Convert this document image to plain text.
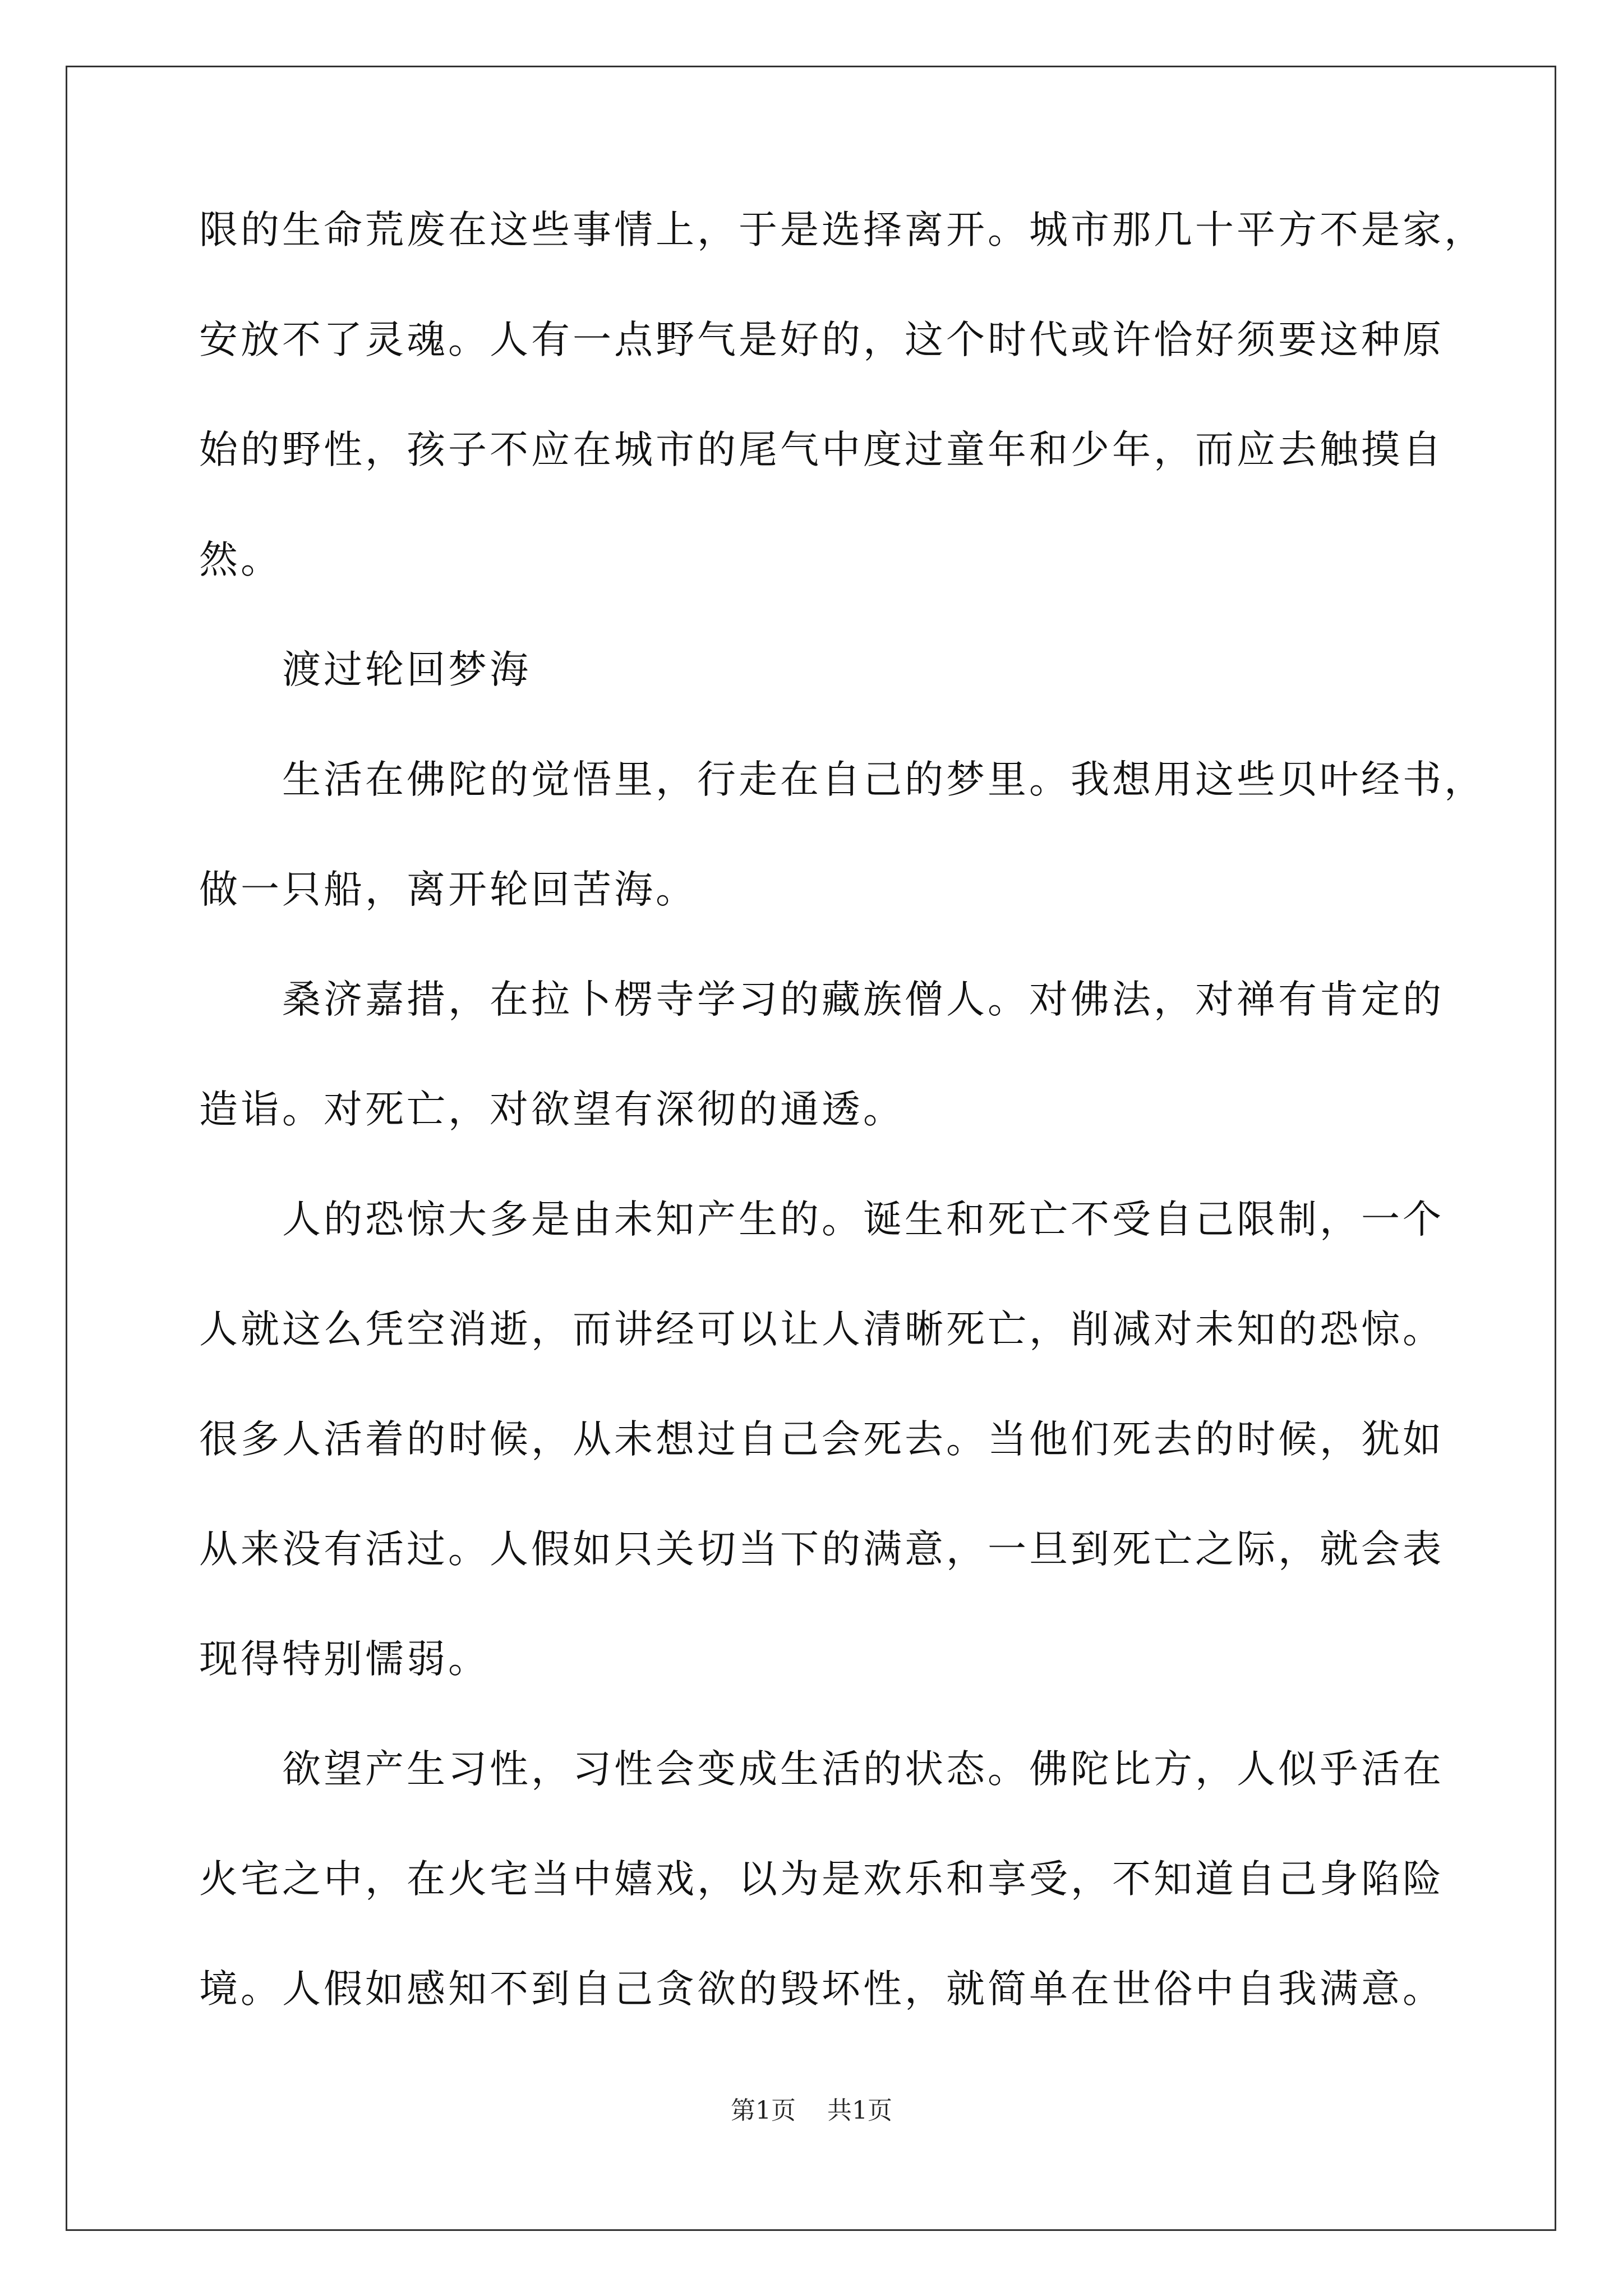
限的生命荒废在这些事情上，于是选择离开。城市那几十平方不是家，
安放不了灵魂。人有一点野气是好的，这个时代或许恰好须要这种原
始的野性，孩子不应在城市的尾气中度过童年和少年，而应去触摸自
然。
渡过轮回梦海
生活在佛陀的觉悟里，行走在自己的梦里。我想用这些贝叶经书，
做一只船，离开轮回苦海。
桑济嘉措，在拉卜楞寺学习的藏族僧人。对佛法，对禅有肯定的
造诣。对死亡，对欲望有深彻的通透。
人的恐惊大多是由未知产生的。诞生和死亡不受自己限制，一个
人就这么凭空消逝，而讲经可以让人清晰死亡，削减对未知的恐惊。
很多人活着的时候，从未想过自己会死去。当他们死去的时候，犹如
从来没有活过。人假如只关切当下的满意，一旦到死亡之际，就会表
现得特别懦弱。
欲望产生习性，习性会变成生活的状态。佛陀比方，人似乎活在
火宅之中，在火宅当中嬉戏，以为是欢乐和享受，不知道自己身陷险
境。人假如感知不到自己贪欲的毁坏性，就简单在世俗中自我满意。
第1页    共1页
